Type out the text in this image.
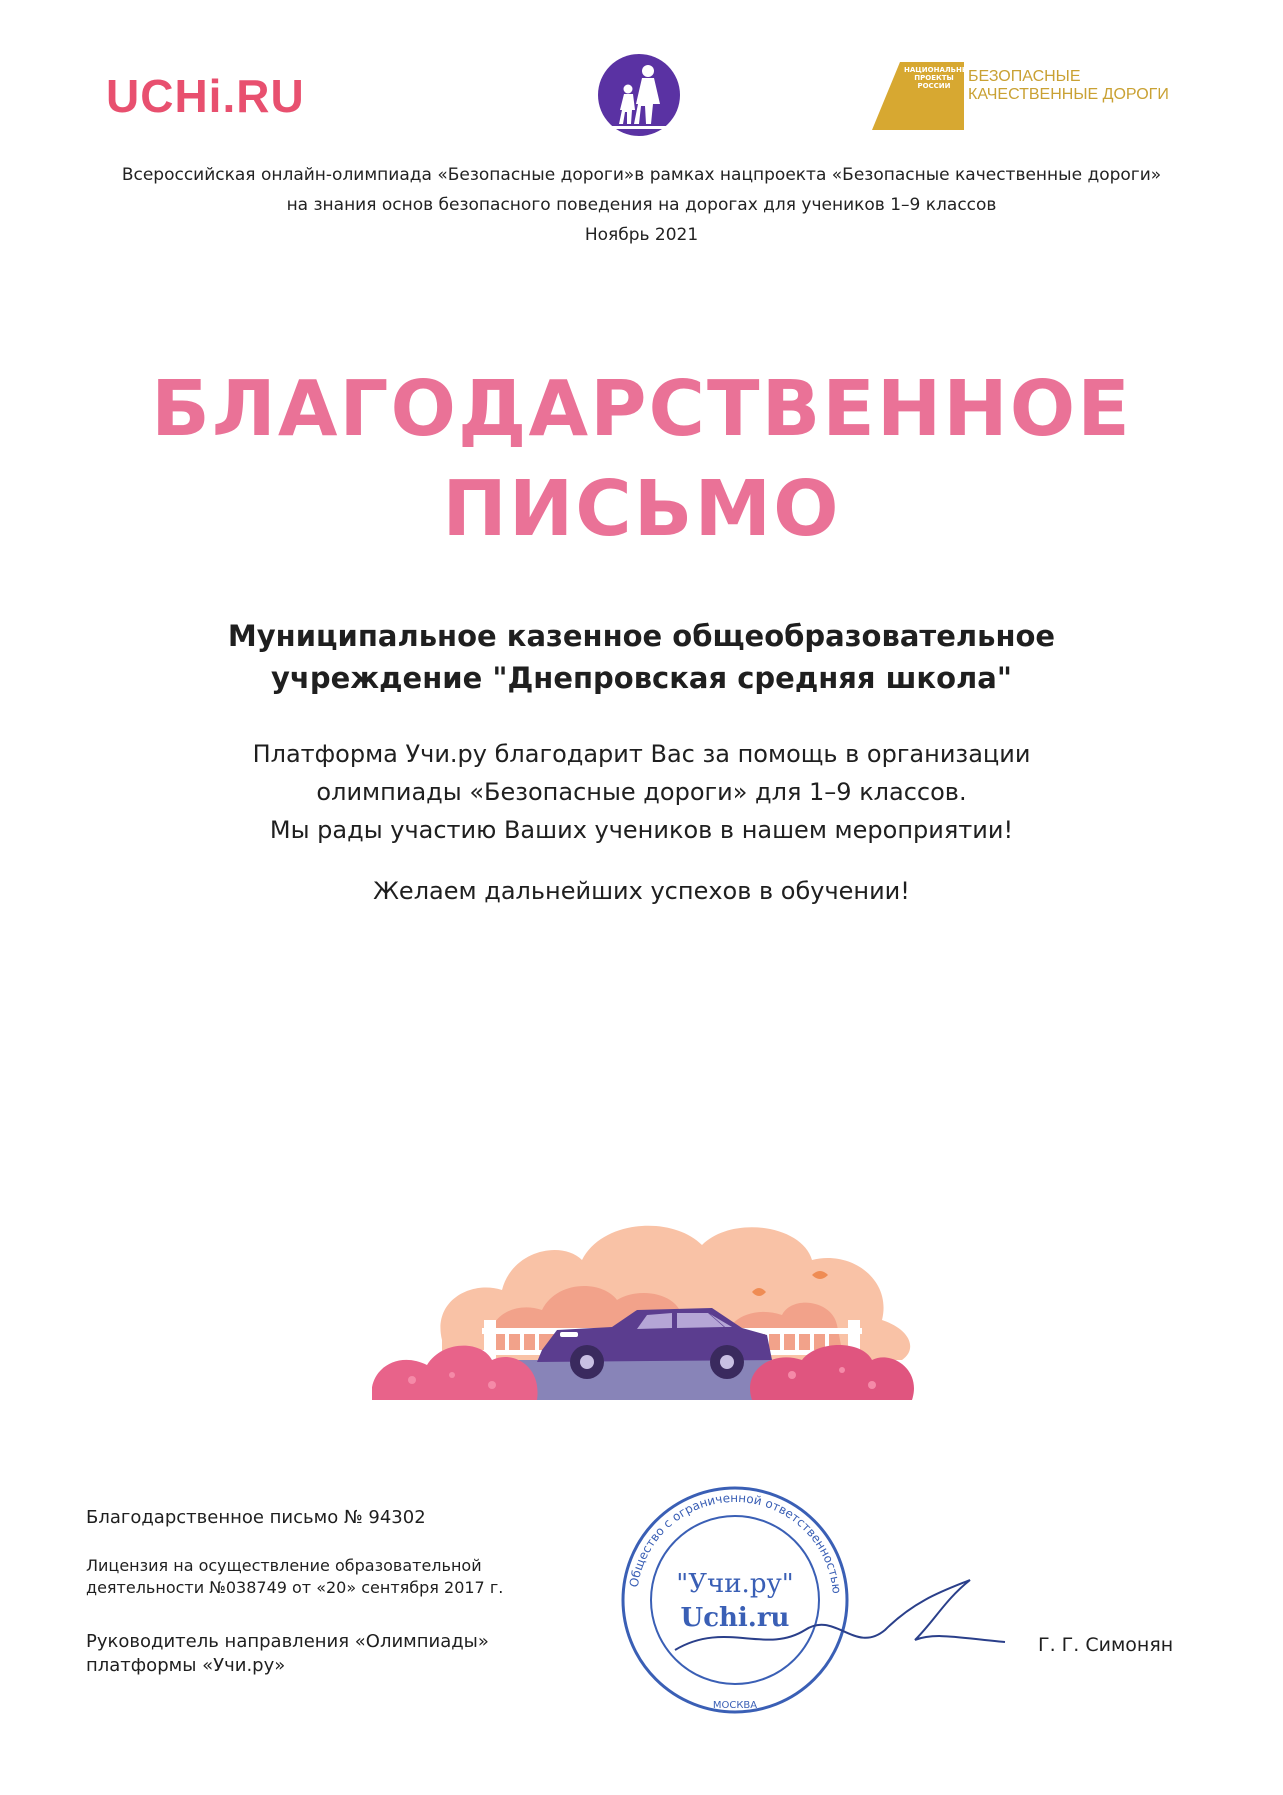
UCHi.RU	НАЦИОНАЛЬНЫЕ
ПРОЕКТЫ
РОССИИ
БЕЗОПАСНЫЕ
КАЧЕСТВЕННЫЕ ДОРОГИ
Всероссийская онлайн-олимпиада «Безопасные дороги»в рамках нацпроекта «Безопасные качественные дороги»
на знания основ безопасного поведения на дорогах для учеников 1–9 классов
Ноябрь 2021
БЛАГОДАРСТВЕННОЕ
ПИСЬМО
Муниципальное казенное общеобразовательное
учреждение "Днепровская средняя школа"
Платформа Учи.ру благодарит Вас за помощь в организации
олимпиады «Безопасные дороги» для 1–9 классов.
Мы рады участию Ваших учеников в нашем мероприятии!
Желаем дальнейших успехов в обучении!
Благодарственное письмо № 94302
Лицензия на осуществление образовательной
деятельности №038749 от «20» сентября 2017 г.
Руководитель направления «Олимпиады»
платформы «Учи.ру»
Г. Г. Симонян
Общество с ограниченной ответственностью
МОСКВА
"Учи.ру"
Uchi.ru
